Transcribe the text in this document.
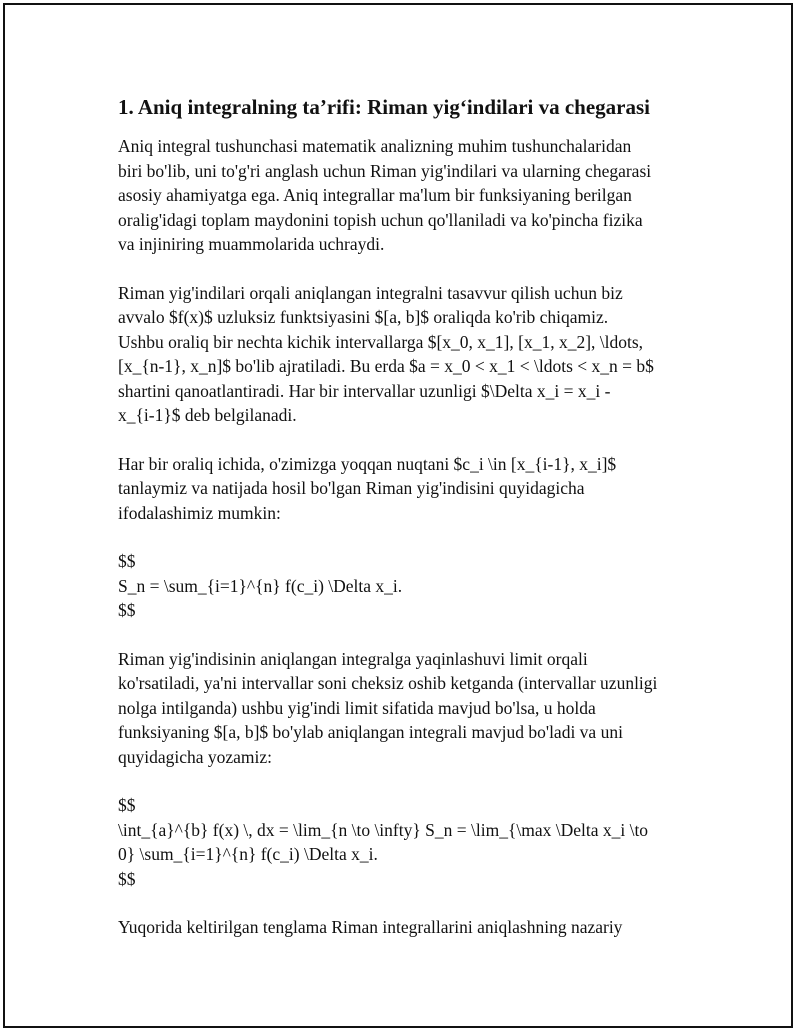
1. Aniq integralning ta’rifi: Riman yig‘indilari va chegarasi
Aniq integral tushunchasi matematik analizning muhim tushunchalaridan
biri bo'lib, uni to'g'ri anglash uchun Riman yig'indilari va ularning chegarasi
asosiy ahamiyatga ega. Aniq integrallar ma'lum bir funksiyaning berilgan
oralig'idagi toplam maydonini topish uchun qo'llaniladi va ko'pincha fizika
va injiniring muammolarida uchraydi.
Riman yig'indilari orqali aniqlangan integralni tasavvur qilish uchun biz
avvalo $f(x)$ uzluksiz funktsiyasini $[a, b]$ oraliqda ko'rib chiqamiz.
Ushbu oraliq bir nechta kichik intervallarga $[x_0, x_1], [x_1, x_2], \ldots,
[x_{n-1}, x_n]$ bo'lib ajratiladi. Bu erda $a = x_0 < x_1 < \ldots < x_n = b$
shartini qanoatlantiradi. Har bir intervallar uzunligi $\Delta x_i = x_i -
x_{i-1}$ deb belgilanadi.
Har bir oraliq ichida, o'zimizga yoqqan nuqtani $c_i \in [x_{i-1}, x_i]$
tanlaymiz va natijada hosil bo'lgan Riman yig'indisini quyidagicha
ifodalashimiz mumkin:
$$
S_n = \sum_{i=1}^{n} f(c_i) \Delta x_i.
$$
Riman yig'indisinin aniqlangan integralga yaqinlashuvi limit orqali
ko'rsatiladi, ya'ni intervallar soni cheksiz oshib ketganda (intervallar uzunligi
nolga intilganda) ushbu yig'indi limit sifatida mavjud bo'lsa, u holda
funksiyaning $[a, b]$ bo'ylab aniqlangan integrali mavjud bo'ladi va uni
quyidagicha yozamiz:
$$
\int_{a}^{b} f(x) \, dx = \lim_{n \to \infty} S_n = \lim_{\max \Delta x_i \to
0} \sum_{i=1}^{n} f(c_i) \Delta x_i.
$$
Yuqorida keltirilgan tenglama Riman integrallarini aniqlashning nazariy
